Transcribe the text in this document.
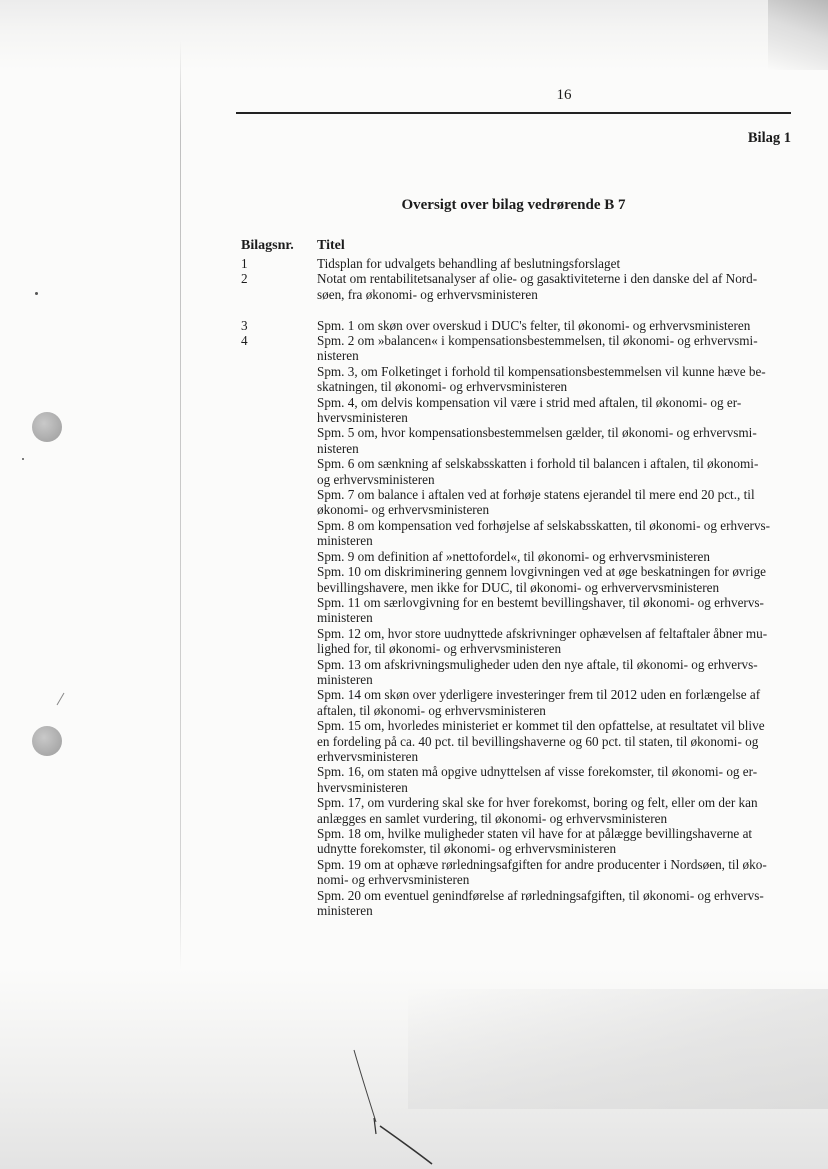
16
Bilag 1
Oversigt over bilag vedrørende B 7
Bilagsnr. Titel
1	Tidsplan for udvalgets behandling af beslutningsforslaget
2	Notat om rentabilitetsanalyser af olie- og gasaktiviteterne i den danske del af Nord-
søen, fra økonomi- og erhvervsministeren
3	Spm. 1 om skøn over overskud i DUC's felter, til økonomi- og erhvervsministeren
4	Spm. 2 om »balancen« i kompensationsbestemmelsen, til økonomi- og erhvervsmi-
nisteren
Spm. 3, om Folketinget i forhold til kompensationsbestemmelsen vil kunne hæve be-
skatningen, til økonomi- og erhvervsministeren
Spm. 4, om delvis kompensation vil være i strid med aftalen, til økonomi- og er-
hvervsministeren
Spm. 5 om, hvor kompensationsbestemmelsen gælder, til økonomi- og erhvervsmi-
nisteren
Spm. 6 om sænkning af selskabsskatten i forhold til balancen i aftalen, til økonomi-
og erhvervsministeren
Spm. 7 om balance i aftalen ved at forhøje statens ejerandel til mere end 20 pct., til
økonomi- og erhvervsministeren
Spm. 8 om kompensation ved forhøjelse af selskabsskatten, til økonomi- og erhvervs-
ministeren
Spm. 9 om definition af »nettofordel«, til økonomi- og erhvervsministeren
Spm. 10 om diskriminering gennem lovgivningen ved at øge beskatningen for øvrige
bevillingshavere, men ikke for DUC, til økonomi- og erhververvsministeren
Spm. 11 om særlovgivning for en bestemt bevillingshaver, til økonomi- og erhvervs-
ministeren
Spm. 12 om, hvor store uudnyttede afskrivninger ophævelsen af feltaftaler åbner mu-
lighed for, til økonomi- og erhvervsministeren
Spm. 13 om afskrivningsmuligheder uden den nye aftale, til økonomi- og erhvervs-
ministeren
Spm. 14 om skøn over yderligere investeringer frem til 2012 uden en forlængelse af
aftalen, til økonomi- og erhvervsministeren
Spm. 15 om, hvorledes ministeriet er kommet til den opfattelse, at resultatet vil blive
en fordeling på ca. 40 pct. til bevillingshaverne og 60 pct. til staten, til økonomi- og
erhvervsministeren
Spm. 16, om staten må opgive udnyttelsen af visse forekomster, til økonomi- og er-
hvervsministeren
Spm. 17, om vurdering skal ske for hver forekomst, boring og felt, eller om der kan
anlægges en samlet vurdering, til økonomi- og erhvervsministeren
Spm. 18 om, hvilke muligheder staten vil have for at pålægge bevillingshaverne at
udnytte forekomster, til økonomi- og erhvervsministeren
Spm. 19 om at ophæve rørledningsafgiften for andre producenter i Nordsøen, til øko-
nomi- og erhvervsministeren
Spm. 20 om eventuel genindførelse af rørledningsafgiften, til økonomi- og erhvervs-
ministeren
